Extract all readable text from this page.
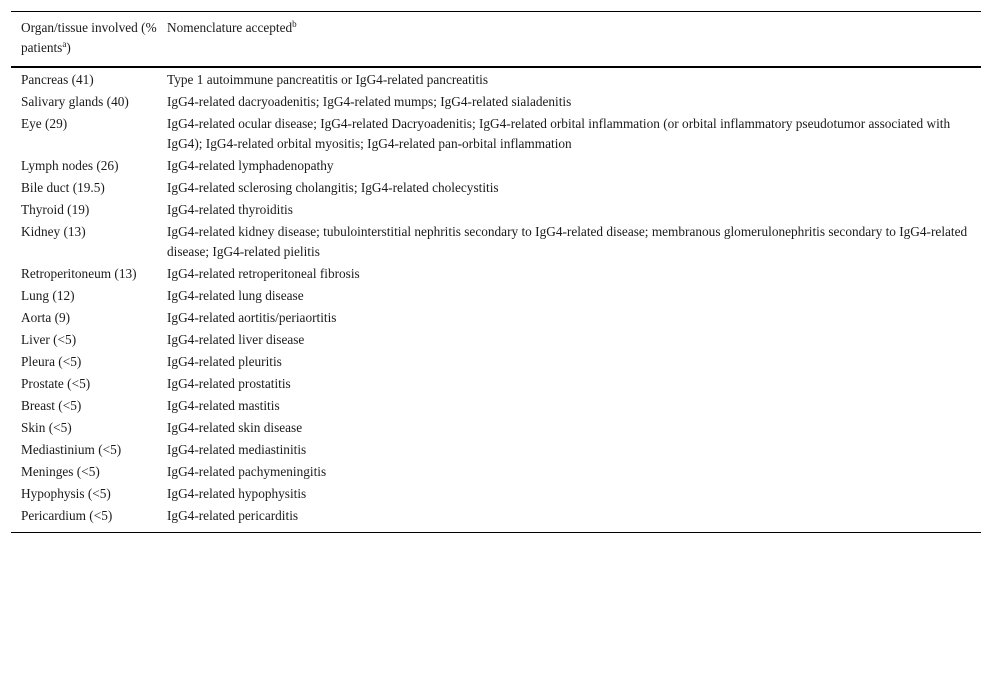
Organ/tissue involved (% patients$^a$)	Nomenclature accepted$^b$
Pancreas (41)	Type 1 autoimmune pancreatitis or IgG4-related pancreatitis
Salivary glands (40)	IgG4-related dacryoadenitis; IgG4-related mumps; IgG4-related sialadenitis
Eye (29)	IgG4-related ocular disease; IgG4-related Dacryoadenitis; IgG4-related orbital inflammation (or orbital inflammatory pseudotumor associated with IgG4); IgG4-related orbital myositis; IgG4-related pan-orbital inflammation
Lymph nodes (26)	IgG4-related lymphadenopathy
Bile duct (19.5)	IgG4-related sclerosing cholangitis; IgG4-related cholecystitis
Thyroid (19)	IgG4-related thyroiditis
Kidney (13)	IgG4-related kidney disease; tubulointerstitial nephritis secondary to IgG4-related disease; membranous glomerulonephritis secondary to IgG4-related disease; IgG4-related pielitis
Retroperitoneum (13)	IgG4-related retroperitoneal fibrosis
Lung (12)	IgG4-related lung disease
Aorta (9)	IgG4-related aortitis/periaortitis
Liver (<5)	IgG4-related liver disease
Pleura (<5)	IgG4-related pleuritis
Prostate (<5)	IgG4-related prostatitis
Breast (<5)	IgG4-related mastitis
Skin (<5)	IgG4-related skin disease
Mediastinium (<5)	IgG4-related mediastinitis
Meninges (<5)	IgG4-related pachymeningitis
Hypophysis (<5)	IgG4-related hypophysitis
Pericardium (<5)	IgG4-related pericarditis
